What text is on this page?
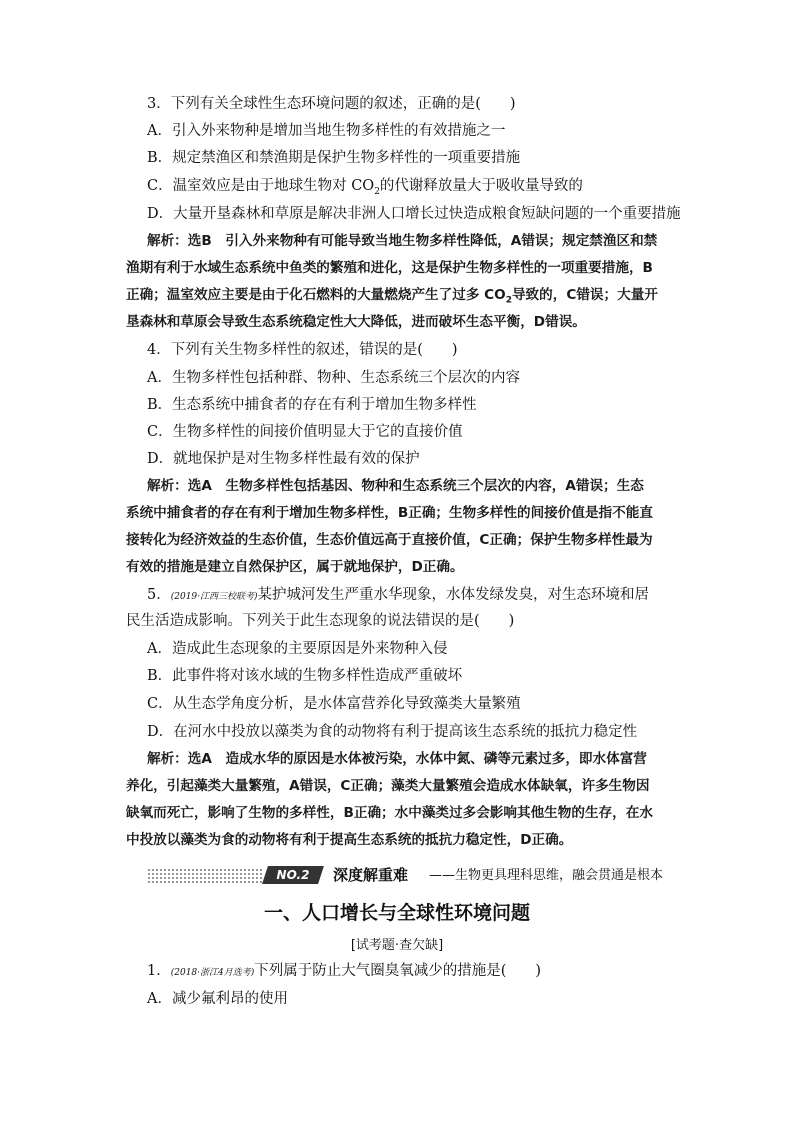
3．下列有关全球性生态环境问题的叙述，正确的是(　　)
A．引入外来物种是增加当地生物多样性的有效措施之一
B．规定禁渔区和禁渔期是保护生物多样性的一项重要措施
C．温室效应是由于地球生物对 $CO_2$的代谢释放量大于吸收量导致的
D．大量开垦森林和草原是解决非洲人口增长过快造成粮食短缺问题的一个重要措施
解析：选B　引入外来物种有可能导致当地生物多样性降低，A错误；规定禁渔区和禁
渔期有利于水域生态系统中鱼类的繁殖和进化，这是保护生物多样性的一项重要措施，B
正确；温室效应主要是由于化石燃料的大量燃烧产生了过多 $CO_2$导致的，C错误；大量开
垦森林和草原会导致生态系统稳定性大大降低，进而破坏生态平衡，D错误。
4．下列有关生物多样性的叙述，错误的是(　　)
A．生物多样性包括种群、物种、生态系统三个层次的内容
B．生态系统中捕食者的存在有利于增加生物多样性
C．生物多样性的间接价值明显大于它的直接价值
D．就地保护是对生物多样性最有效的保护
解析：选A　生物多样性包括基因、物种和生态系统三个层次的内容，A错误；生态
系统中捕食者的存在有利于增加生物多样性，B正确；生物多样性的间接价值是指不能直
接转化为经济效益的生态价值，生态价值远高于直接价值，C正确；保护生物多样性最为
有效的措施是建立自然保护区，属于就地保护，D正确。
5．(2019·江西三校联考)某护城河发生严重水华现象，水体发绿发臭，对生态环境和居
民生活造成影响。下列关于此生态现象的说法错误的是(　　)
A．造成此生态现象的主要原因是外来物种入侵
B．此事件将对该水域的生物多样性造成严重破坏
C．从生态学角度分析，是水体富营养化导致藻类大量繁殖
D．在河水中投放以藻类为食的动物将有利于提高该生态系统的抵抗力稳定性
解析：选A　造成水华的原因是水体被污染，水体中氮、磷等元素过多，即水体富营
养化，引起藻类大量繁殖，A错误，C正确；藻类大量繁殖会造成水体缺氧，许多生物因
缺氧而死亡，影响了生物的多样性，B正确；水中藻类过多会影响其他生物的生存，在水
中投放以藻类为食的动物将有利于提高生态系统的抵抗力稳定性，D正确。
NO.2	深度解重难 ——生物更具理科思维，融会贯通是根本
一、人口增长与全球性环境问题
[试考题·查欠缺]
1．(2018·浙江4月选考)下列属于防止大气圈臭氧减少的措施是(　　)
A．减少氟利昂的使用
